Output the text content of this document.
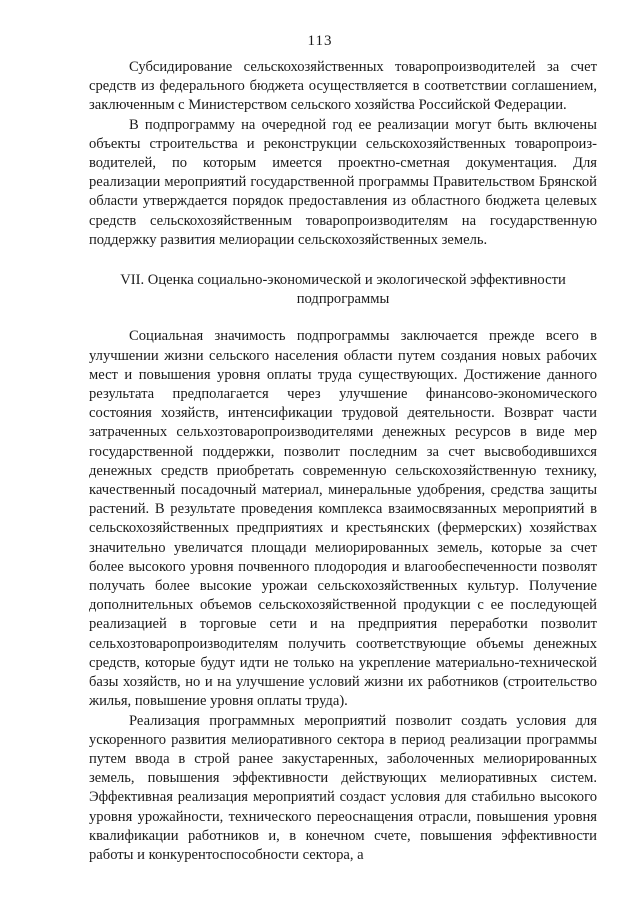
113

Субсидирование сельскохозяйственных товаропроизводителей за счет средств из федерального бюджета осуществляется в соответствии соглашением, заключенным с Министерством сельского хозяйства Российской Федерации.

В подпрограмму на очередной год ее реализации могут быть включены объекты строительства и реконструкции сельскохозяйственных товаропроизводителей, по которым имеется проектно-сметная документация. Для реализации мероприятий государственной программы Правительством Брянской области утверждается порядок предоставления из областного бюджета целевых средств сельскохозяйственным товаропроизводителям на государственную поддержку развития мелиорации сельскохозяйственных земель.

VII. Оценка социально-экономической и экологической эффективности подпрограммы

Социальная значимость подпрограммы заключается прежде всего в улучшении жизни сельского населения области путем создания новых рабочих мест и повышения уровня оплаты труда существующих. Достижение данного результата предполагается через улучшение финансово-экономического состояния хозяйств, интенсификации трудовой деятельности. Возврат части затраченных сельхозтоваропроизводителями денежных ресурсов в виде мер государственной поддержки, позволит последним за счет высвободившихся денежных средств приобретать современную сельскохозяйственную технику, качественный посадочный материал, минеральные удобрения, средства защиты растений. В результате проведения комплекса взаимосвязанных мероприятий в сельскохозяйственных предприятиях и крестьянских (фермерских) хозяйствах значительно увеличатся площади мелиорированных земель, которые за счет более высокого уровня почвенного плодородия и влагообеспеченности позволят получать более высокие урожаи сельскохозяйственных культур. Получение дополнительных объемов сельскохозяйственной продукции с ее последующей реализацией в торговые сети и на предприятия переработки позволит сельхозтоваропроизводителям получить соответствующие объемы денежных средств, которые будут идти не только на укрепление материально-технической базы хозяйств, но и на улучшение условий жизни их работников (строительство жилья, повышение уровня оплаты труда).

Реализация программных мероприятий позволит создать условия для ускоренного развития мелиоративного сектора в период реализации программы путем ввода в строй ранее закустаренных, заболоченных мелиорированных земель, повышения эффективности действующих мелиоративных систем. Эффективная реализация мероприятий создаст условия для стабильно высокого уровня урожайности, технического переоснащения отрасли, повышения уровня квалификации работников и, в конечном счете, повышения эффективности работы и конкурентоспособности сектора, а
